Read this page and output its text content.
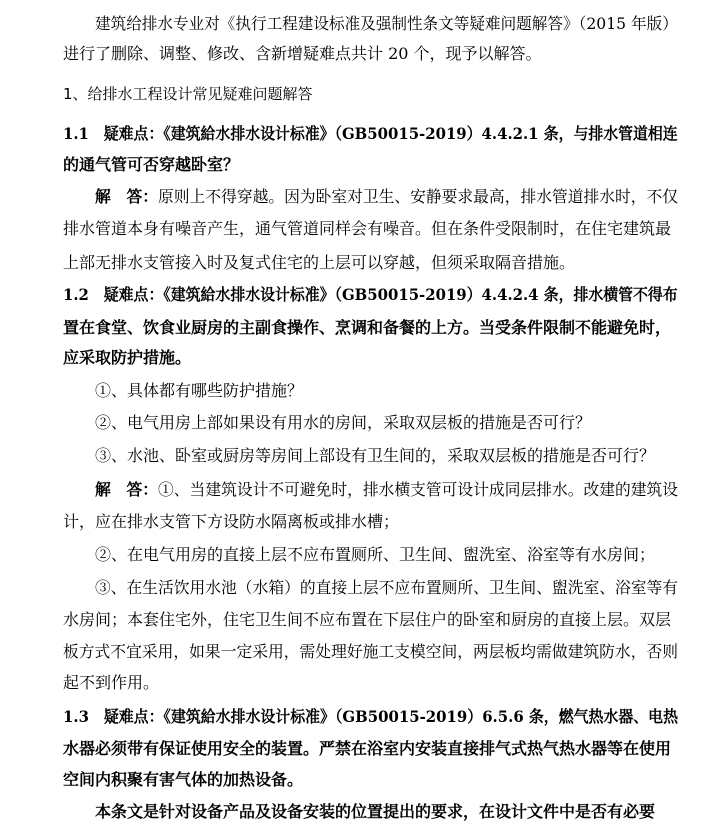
建筑给排水专业对《执行工程建设标准及强制性条文等疑难问题解答》（2015 年版）
进行了删除、调整、修改、含新增疑难点共计 20 个，现予以解答。
1、给排水工程设计常见疑难问题解答
1.1　疑难点：《建筑給水排水设计标准》（GB50015-2019）4.4.2.1 条，与排水管道相连
的通气管可否穿越卧室？
解　答：原则上不得穿越。因为卧室对卫生、安静要求最高，排水管道排水时，不仅
排水管道本身有噪音产生，通气管道同样会有噪音。但在条件受限制时，在住宅建筑最
上部无排水支管接入时及复式住宅的上层可以穿越，但须采取隔音措施。
1.2　疑难点：《建筑給水排水设计标准》（GB50015-2019）4.4.2.4 条，排水横管不得布
置在食堂、饮食业厨房的主副食操作、烹调和备餐的上方。当受条件限制不能避免时，
应采取防护措施。
①、具体都有哪些防护措施？
②、电气用房上部如果设有用水的房间，采取双层板的措施是否可行？
③、水池、卧室或厨房等房间上部设有卫生间的，采取双层板的措施是否可行？
解　答：①、当建筑设计不可避免时，排水横支管可设计成同层排水。改建的建筑设
计，应在排水支管下方设防水隔离板或排水槽；
②、在电气用房的直接上层不应布置厕所、卫生间、盥洗室、浴室等有水房间；
③、在生活饮用水池（水箱）的直接上层不应布置厕所、卫生间、盥洗室、浴室等有
水房间；本套住宅外，住宅卫生间不应布置在下层住户的卧室和厨房的直接上层。双层
板方式不宜采用，如果一定采用，需处理好施工支模空间，两层板均需做建筑防水，否则
起不到作用。
1.3　疑难点：《建筑給水排水设计标准》（GB50015-2019）6.5.6 条，燃气热水器、电热
水器必须带有保证使用安全的装置。严禁在浴室内安装直接排气式热气热水器等在使用
空间内积聚有害气体的加热设备。
本条文是针对设备产品及设备安装的位置提出的要求，在设计文件中是否有必要
